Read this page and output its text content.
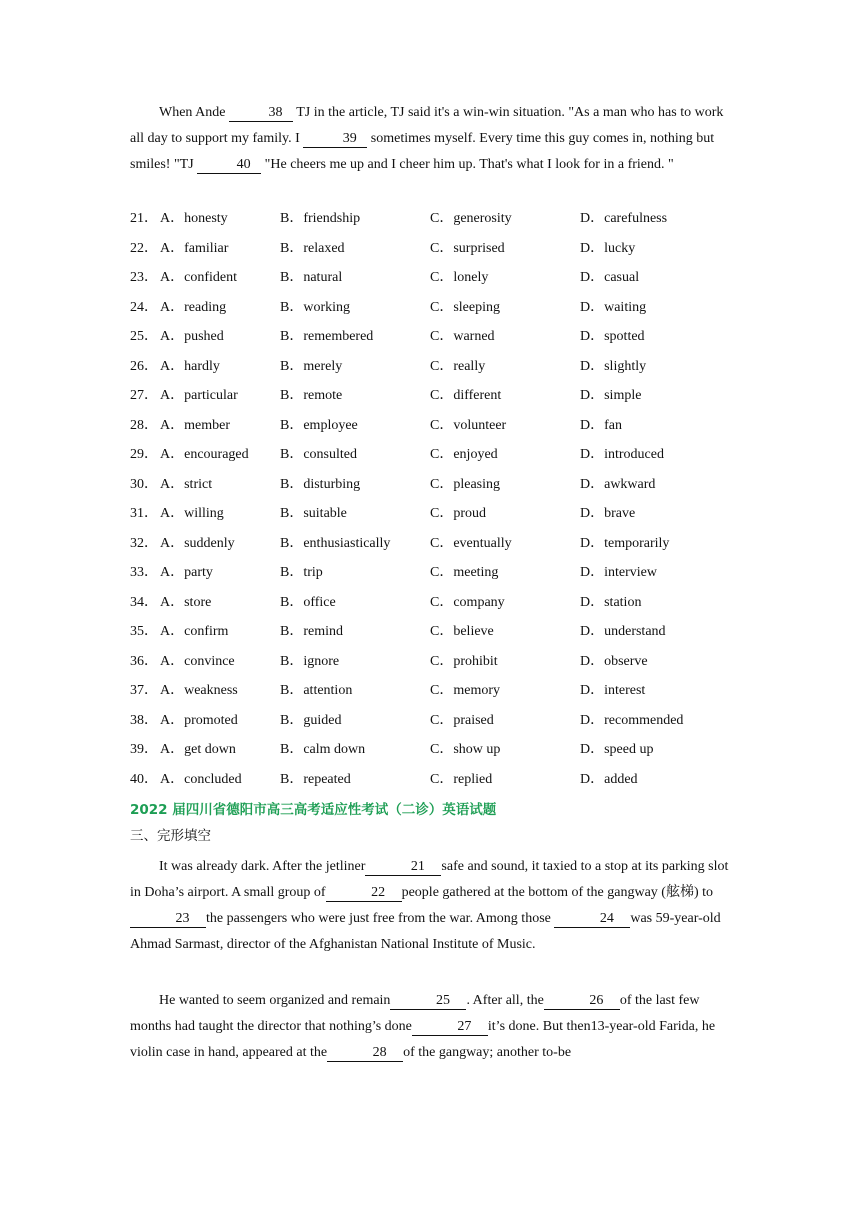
When Ande	38 TJ in the article, TJ said it's a win-win situation. "As a man who has to work all day to support my family. I	39 sometimes myself. Every time this guy comes in, nothing but smiles! "TJ	40 "He cheers me up and I cheer him up. That's what I look for in a friend. "

21． A．honesty	B．friendship	C．generosity	D．carefulness
22． A．familiar	B．relaxed	C．surprised	D．lucky
23． A．confident	B．natural	C．lonely	D．casual
24． A．reading	B．working	C．sleeping	D．waiting
25． A．pushed	B．remembered	C．warned	D．spotted
26． A．hardly	B．merely	C．really	D．slightly
27． A．particular	B．remote	C．different	D．simple
28． A．member	B．employee	C．volunteer	D．fan
29． A．encouraged B．consulted	C．enjoyed	D．introduced
30． A．strict	B．disturbing	C．pleasing	D．awkward
31． A．willing	B．suitable	C．proud	D．brave
32． A．suddenly	B．enthusiastically	C．eventually	D．temporarily
33． A．party	B．trip	C．meeting	D．interview
34． A．store	B．office	C．company	D．station
35． A．confirm	B．remind	C．believe	D．understand
36． A．convince	B．ignore	C．prohibit	D．observe
37． A．weakness	B．attention	C．memory	D．interest
38． A．promoted	B．guided	C．praised	D．recommended
39． A．get down	B．calm down	C．show up	D．speed up
40． A．concluded	B．repeated	C．replied	D．added

2022 届四川省德阳市高三高考适应性考试（二诊）英语试题

三、完形填空

It was already dark. After the jetliner	21 safe and sound, it taxied to a stop at its parking slot in Doha’s airport. A small group of	22 people gathered at the bottom of the gangway (舷梯) to23 the passengers who were just free from the war. Among those	24 was 59-year-old Ahmad Sarmast, director of the Afghanistan National Institute of Music.

He wanted to seem organized and remain	25 . After all, the	26 of the last few months had taught the director that nothing’s done	27 it’s done. But then13-year-old Farida, he violin case in hand, appeared at the	28 of the gangway; another to-be
